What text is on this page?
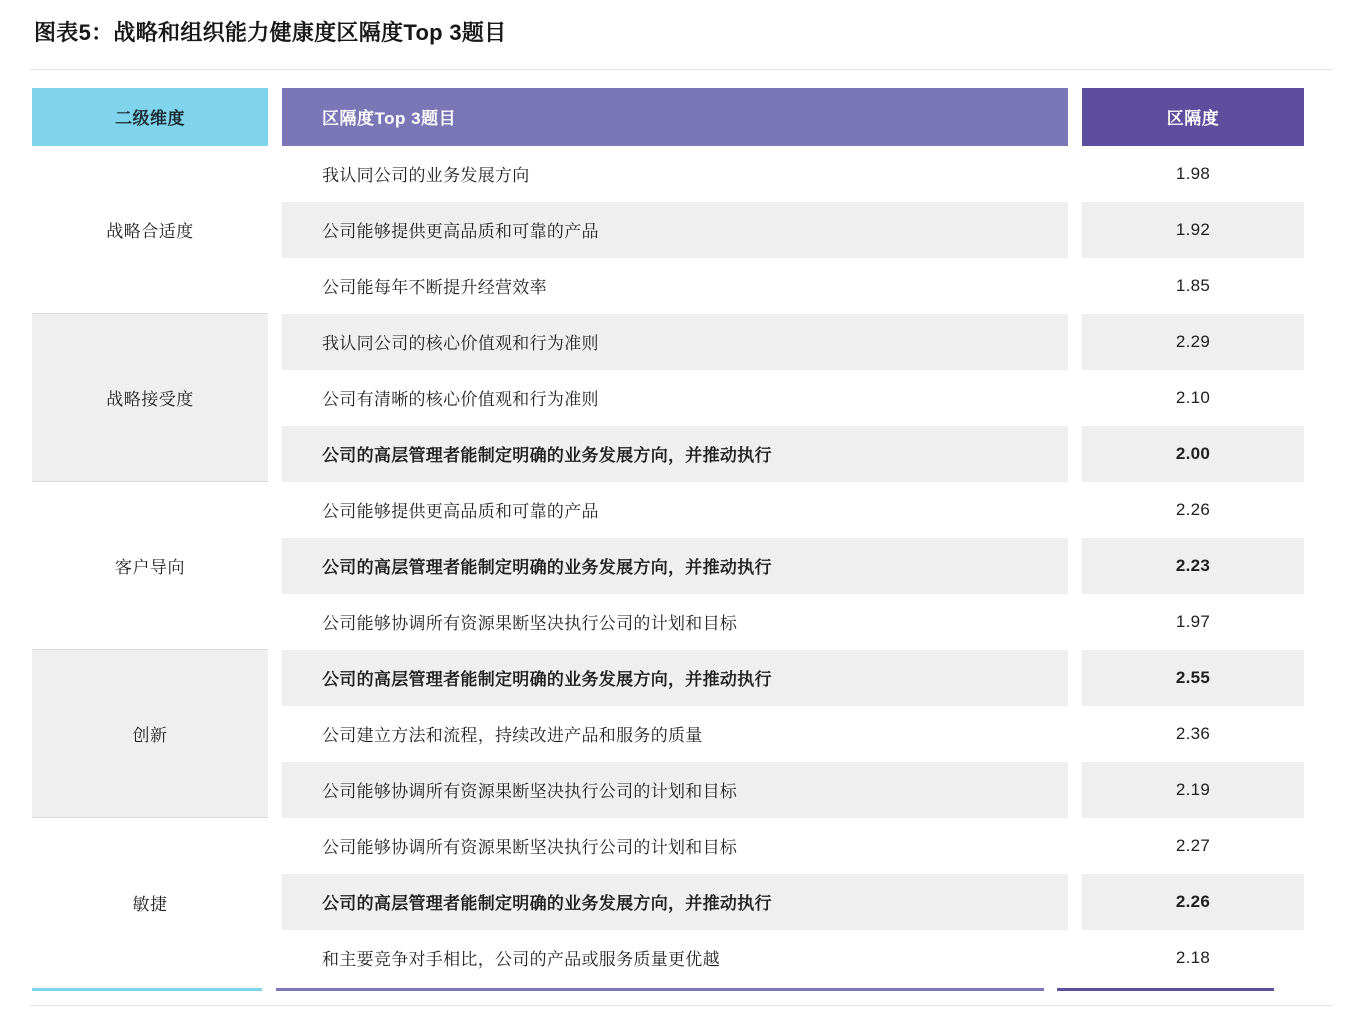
图表5：战略和组织能力健康度区隔度Top 3题目
二级维度		区隔度Top 3题目		区隔度
战略合适度		我认同公司的业务发展方向		1.98
		公司能够提供更高品质和可靠的产品		1.92
		公司能每年不断提升经营效率		1.85
战略接受度		我认同公司的核心价值观和行为准则		2.29
		公司有清晰的核心价值观和行为准则		2.10
		公司的高层管理者能制定明确的业务发展方向，并推动执行		2.00
客户导向		公司能够提供更高品质和可靠的产品		2.26
		公司的高层管理者能制定明确的业务发展方向，并推动执行		2.23
		公司能够协调所有资源果断坚决执行公司的计划和目标		1.97
创新		公司的高层管理者能制定明确的业务发展方向，并推动执行		2.55
		公司建立方法和流程，持续改进产品和服务的质量		2.36
		公司能够协调所有资源果断坚决执行公司的计划和目标		2.19
敏捷		公司能够协调所有资源果断坚决执行公司的计划和目标		2.27
		公司的高层管理者能制定明确的业务发展方向，并推动执行		2.26
		和主要竞争对手相比，公司的产品或服务质量更优越		2.18
